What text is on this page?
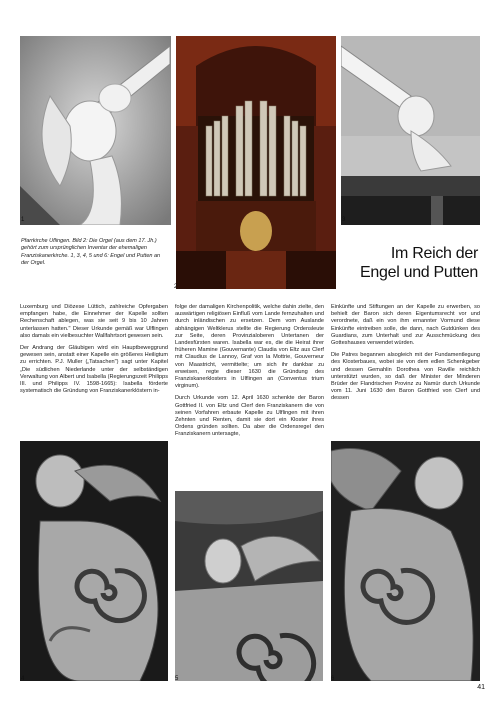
1
2
3
Pfarrkirche Uflingen. Bild 2: Die Orgel (aus dem 17. Jh.) gehört zum ursprünglichen Inventar der ehemaligen Franziskanerkirche. 1, 3, 4, 5 und 6: Engel und Putten an der Orgel.
Im Reich der
Engel und Putten

Luxemburg und Diözese Lüttich, zahlreiche Opfergaben empfangen habe, die Einnehmer der Kapelle sollten Rechenschaft ablegen, was sie seit 9 bis 10 Jahren unterlassen hatten." Dieser Urkunde gemäß war Ulflingen also damals ein vielbesuchter Wallfahrtsort gewesen sein.

Der Andrang der Gläubigen wird ein Hauptbeweggrund gewesen sein, anstatt einer Kapelle ein größeres Heiligtum zu errichten. P.J. Muller („Tatsachen") sagt unter Kapitel „Die südlichen Niederlande unter der selbständigen Verwaltung von Albert und Isabella (Regierungszeit Philipps III. und Philipps IV. 1598-1665): Isabella förderte systematisch die Gründung von Franziskanerklöstern in-

folge der damaligen Kirchenpolitik, welche dahin zielte, den auswärtigen religiösen Einfluß vom Lande fernzuhalten und durch inländischen zu ersetzen. Dem vom Auslande abhängigen Weltklerus stellte die Regierung Ordensleute zur Seite, deren Provinzialoberen Untertanen der Landesfürsten waren. Isabella war es, die die Heirat ihrer früheren Mamine (Gouvernante) Claudia von Eltz aus Clerf mit Claudius de Lannoy, Graf von la Mottrie, Gouverneur von Maastricht, vermittelte; um sich ihr dankbar zu erweisen, regte dieser 1630 die Gründung des Franziskanerklosters in Ulflingen an (Conventus trium virginum).

Durch Urkunde vom 12. April 1630 schenkte der Baron Gottfried II. von Eltz und Clerf den Franziskanern die von seinen Vorfahren erbaute Kapelle zu Ulflingen mit ihren Zehnten und Renten, damit sie dort ein Kloster ihres Ordens gründen sollten. Da aber die Ordensregel den Franziskanern untersagte,

Einkünfte und Stiftungen an der Kapelle zu erwerben, so behielt der Baron sich deren Eigentumsrecht vor und verordnete, daß ein von ihm ernannter Vormund diese Einkünfte eintreiben solle, die dann, nach Gutdünken des Guardians, zum Unterhalt und zur Ausschmückung des Gotteshauses verwendet würden.

Die Patres begannen alsogleich mit der Fundamentlegung des Klosterbaues, wobei sie von dem edlen Schenkgeber und dessen Gemahlin Dorothea von Raville reichlich unterstützt wurden, so daß der Minister der Minderen Brüder der Flandrischen Provinz zu Namür durch Urkunde vom 11. Juni 1630 den Baron Gottfried von Clerf und dessen

4	5	6
41
